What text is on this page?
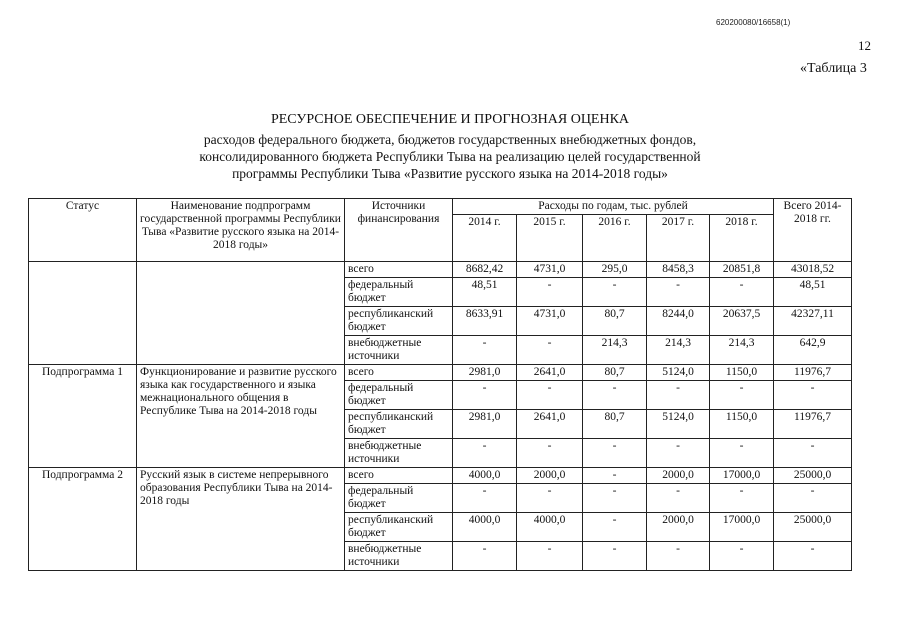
620200080/16658(1)
12
«Таблица 3
РЕСУРСНОЕ ОБЕСПЕЧЕНИЕ И ПРОГНОЗНАЯ ОЦЕНКА
расходов федерального бюджета, бюджетов государственных внебюджетных фондов,
консолидированного бюджета Республики Тыва на реализацию целей государственной
программы Республики Тыва «Развитие русского языка на 2014-2018 годы»
Статус	Наименование подпрограмм государственной программы Республики Тыва «Развитие русского языка на 2014-2018 годы»	Источники финансирования	Расходы по годам, тыс. рублей					Всего 2014-2018 гг.
			2014 г.	2015 г.	2016 г.	2017 г.	2018 г.	
		всего	8682,42	4731,0	295,0	8458,3	20851,8	43018,52
		федеральный бюджет	48,51	-	-	-	-	48,51
		республиканский бюджет	8633,91	4731,0	80,7	8244,0	20637,5	42327,11
		внебюджетные источники	-	-	214,3	214,3	214,3	642,9
Подпрограмма 1	Функционирование и развитие русского языка как государственного и языка межнационального общения в Республике Тыва на 2014-2018 годы	всего	2981,0	2641,0	80,7	5124,0	1150,0	11976,7
		федеральный бюджет	-	-	-	-	-	-
		республиканский бюджет	2981,0	2641,0	80,7	5124,0	1150,0	11976,7
		внебюджетные источники	-	-	-	-	-	-
Подпрограмма 2	Русский язык в системе непрерывного образования Республики Тыва на 2014-2018 годы	всего	4000,0	2000,0	-	2000,0	17000,0	25000,0
		федеральный бюджет	-	-	-	-	-	-
		республиканский бюджет	4000,0	4000,0	-	2000,0	17000,0	25000,0
		внебюджетные источники	-	-	-	-	-	-
